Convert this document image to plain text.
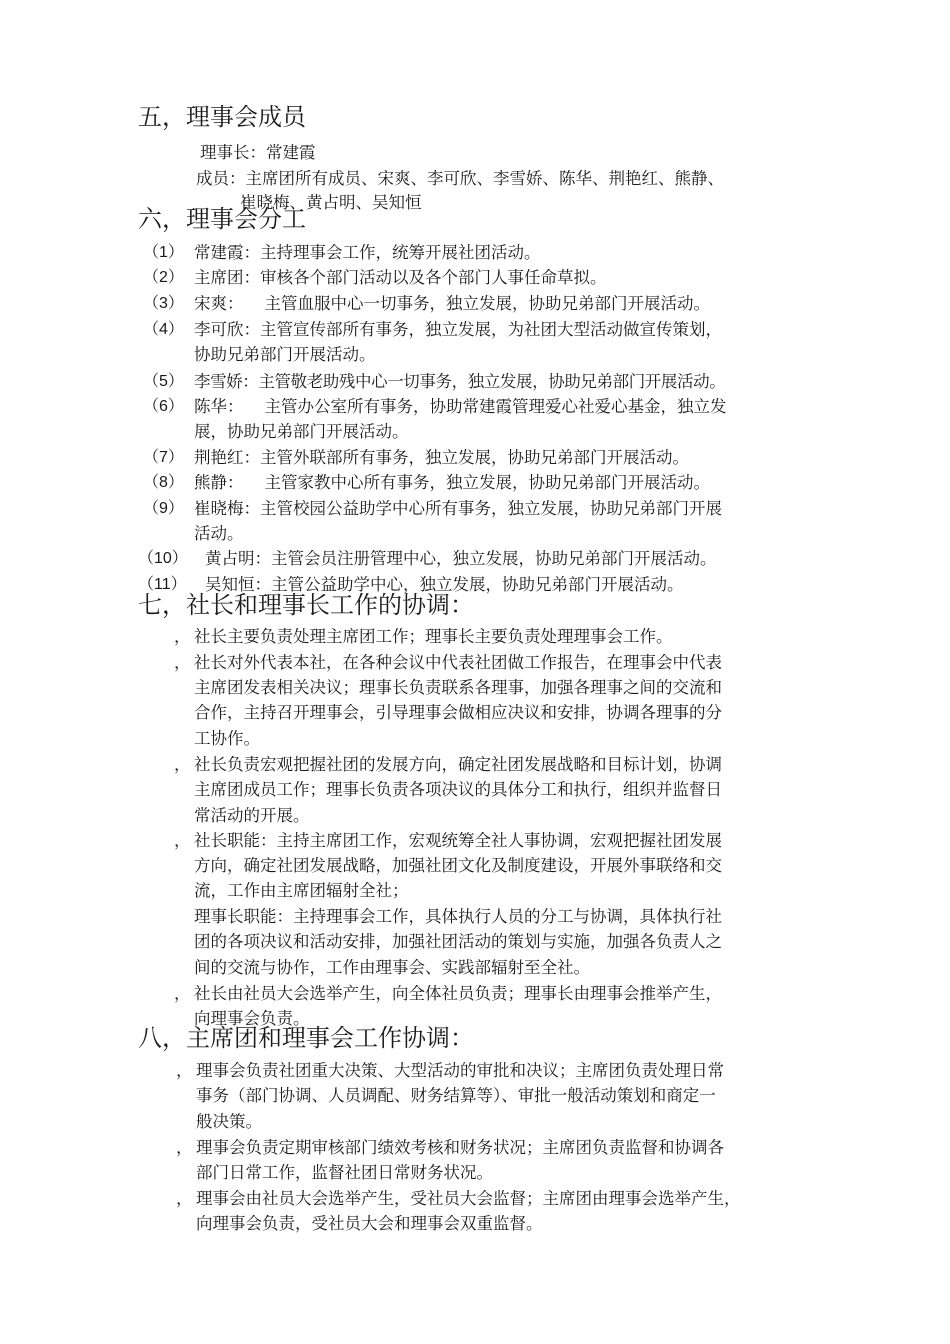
五，理事会成员
理事长：常建霞
成员：主席团所有成员、宋爽、李可欣、李雪娇、陈华、荆艳红、熊静、
崔晓梅、黄占明、吴知恒
六，理事会分工
（1） 常建霞：主持理事会工作，统筹开展社团活动。
（2） 主席团：审核各个部门活动以及各个部门人事任命草拟。
（3） 宋爽：    主管血服中心一切事务，独立发展，协助兄弟部门开展活动。
（4） 李可欣：主管宣传部所有事务，独立发展，为社团大型活动做宣传策划，
协助兄弟部门开展活动。
（5） 李雪娇：主管敬老助残中心一切事务，独立发展，协助兄弟部门开展活动。
（6） 陈华：    主管办公室所有事务，协助常建霞管理爱心社爱心基金，独立发
展，协助兄弟部门开展活动。
（7） 荆艳红：主管外联部所有事务，独立发展，协助兄弟部门开展活动。
（8） 熊静：    主管家教中心所有事务，独立发展，协助兄弟部门开展活动。
（9） 崔晓梅：主管校园公益助学中心所有事务，独立发展，协助兄弟部门开展
活动。
（10） 黄占明：主管会员注册管理中心，独立发展，协助兄弟部门开展活动。
（11） 吴知恒：主管公益助学中心，独立发展，协助兄弟部门开展活动。
七，社长和理事长工作的协调：
， 社长主要负责处理主席团工作；理事长主要负责处理理事会工作。
， 社长对外代表本社，在各种会议中代表社团做工作报告，在理事会中代表
主席团发表相关决议；理事长负责联系各理事，加强各理事之间的交流和
合作，主持召开理事会，引导理事会做相应决议和安排，协调各理事的分
工协作。
， 社长负责宏观把握社团的发展方向，确定社团发展战略和目标计划，协调
主席团成员工作；理事长负责各项决议的具体分工和执行，组织并监督日
常活动的开展。
， 社长职能：主持主席团工作，宏观统筹全社人事协调，宏观把握社团发展
方向，确定社团发展战略，加强社团文化及制度建设，开展外事联络和交
流，工作由主席团辐射全社；
理事长职能：主持理事会工作，具体执行人员的分工与协调，具体执行社
团的各项决议和活动安排，加强社团活动的策划与实施，加强各负责人之
间的交流与协作，工作由理事会、实践部辐射至全社。
， 社长由社员大会选举产生，向全体社员负责；理事长由理事会推举产生，
向理事会负责。
八，主席团和理事会工作协调：
， 理事会负责社团重大决策、大型活动的审批和决议；主席团负责处理日常
事务（部门协调、人员调配、财务结算等）、审批一般活动策划和商定一
般决策。
， 理事会负责定期审核部门绩效考核和财务状况；主席团负责监督和协调各
部门日常工作，监督社团日常财务状况。
， 理事会由社员大会选举产生，受社员大会监督；主席团由理事会选举产生，
向理事会负责，受社员大会和理事会双重监督。
